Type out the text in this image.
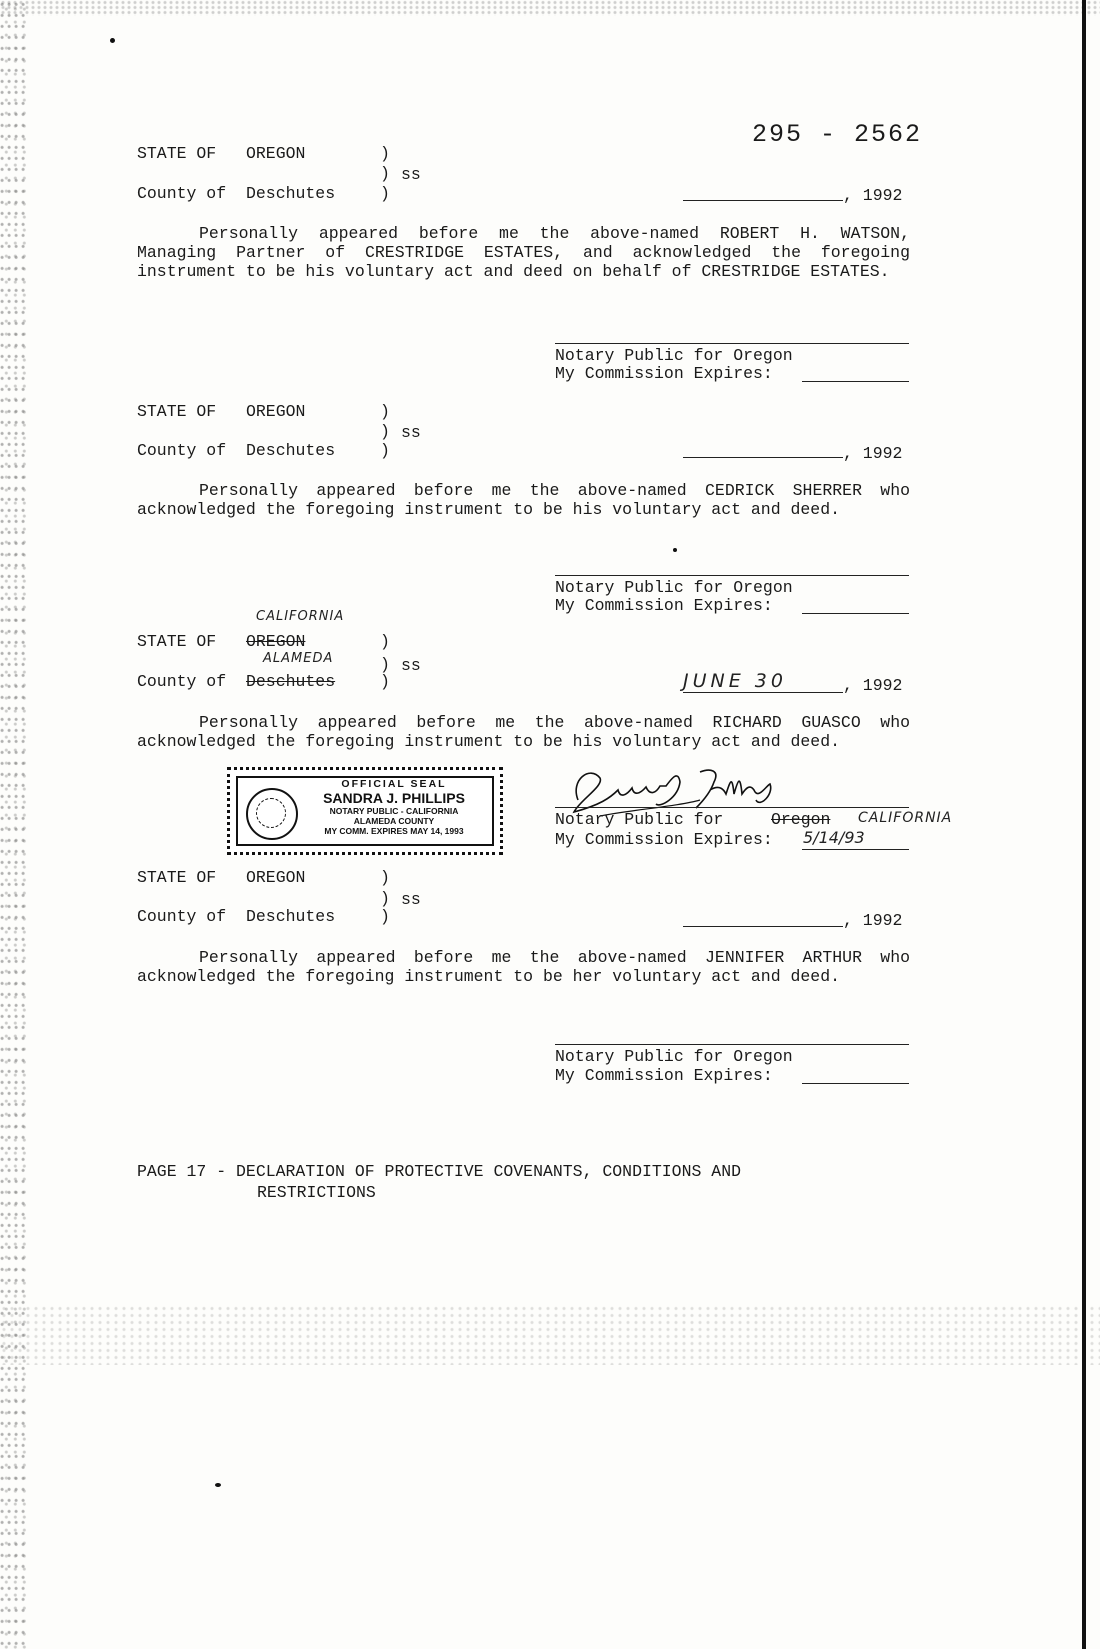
295 - 2562
STATE OF OREGON	)
) ss
County of Deschutes	)	, 1992

Personally appeared before me the above-named ROBERT H. WATSON, Managing Partner of CRESTRIDGE ESTATES, and acknowledged the foregoing instrument to be his voluntary act and deed on behalf of CRESTRIDGE ESTATES.

Notary Public for Oregon
My Commission Expires:
STATE OF OREGON	)
) ss
County of Deschutes	)	, 1992

Personally appeared before me the above-named CEDRICK SHERRER who acknowledged the foregoing instrument to be his voluntary act and deed.

Notary Public for Oregon
My Commission Expires:
CALIFORNIA
STATE OF OREGON	)
ALAMEDA	) ss
County of Deschutes	)	JUNE 30	, 1992

Personally appeared before me the above-named RICHARD GUASCO who acknowledged the foregoing instrument to be his voluntary act and deed.

OFFICIAL SEAL
SANDRA J. PHILLIPS
NOTARY PUBLIC - CALIFORNIA
ALAMEDA COUNTY
MY COMM. EXPIRES MAY 14, 1993
Notary Public for	Oregon CALIFORNIA
My Commission Expires: 5/14/93
STATE OF OREGON	)
) ss
County of Deschutes	)	, 1992

Personally appeared before me the above-named JENNIFER ARTHUR who acknowledged the foregoing instrument to be her voluntary act and deed.

Notary Public for Oregon
My Commission Expires:
PAGE 17 - DECLARATION OF PROTECTIVE COVENANTS, CONDITIONS AND
RESTRICTIONS
